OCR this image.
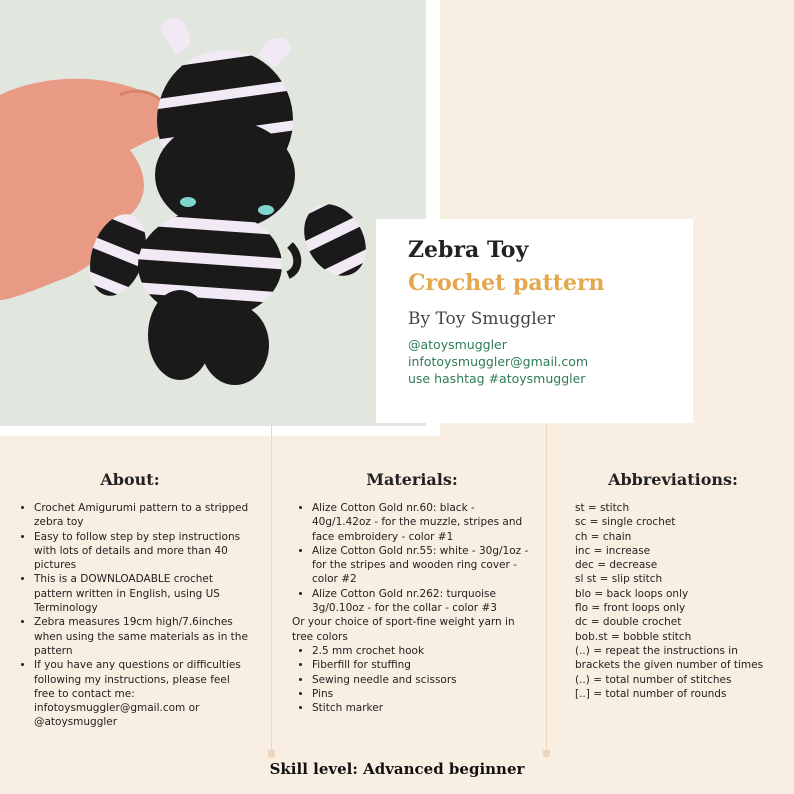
Zebra Toy
Crochet pattern
By Toy Smuggler
@atoysmuggler
infotoysmuggler@gmail.com
use hashtag #atoysmuggler
About:
• Crochet Amigurumi pattern to a stripped zebra toy
• Easy to follow step by step instructions with lots of details and more than 40 pictures
• This is a DOWNLOADABLE crochet pattern written in English, using US Terminology
• Zebra measures 19cm high/7.6inches when using the same materials as in the pattern
• If you have any questions or difficulties following my instructions, please feel free to contact me: infotoysmuggler@gmail.com or @atoysmuggler
Materials:
• Alize Cotton Gold nr.60: black - 40g/1.42oz - for the muzzle, stripes and face embroidery - color #1
• Alize Cotton Gold nr.55: white - 30g/1oz - for the stripes and wooden ring cover - color #2
• Alize Cotton Gold nr.262: turquoise 3g/0.10oz - for the collar - color #3
Or your choice of sport-fine weight yarn in tree colors
• 2.5 mm crochet hook
• Fiberfill for stuffing
• Sewing needle and scissors
• Pins
• Stitch marker
Abbreviations:
st = stitch
sc = single crochet
ch = chain
inc = increase
dec = decrease
sl st = slip stitch
blo = back loops only
flo = front loops only
dc = double crochet
bob.st = bobble stitch
(..) = repeat the instructions in brackets the given number of times
(..) = total number of stitches
[..] = total number of rounds
Skill level: Advanced beginner
